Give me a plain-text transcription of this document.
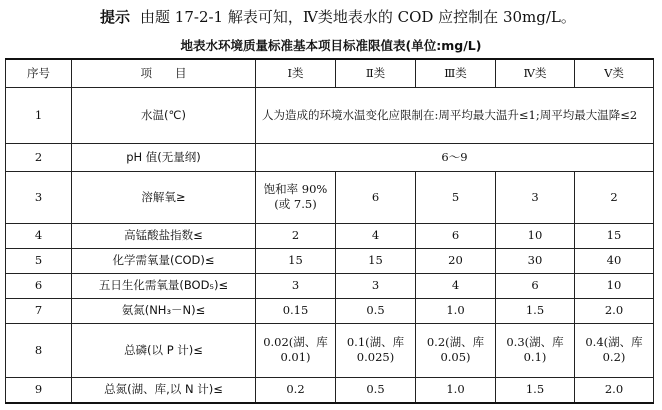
提示 由题 17-2-1 解表可知，Ⅳ类地表水的 COD 应控制在 30mg/L。
地表水环境质量标准基本项目标准限值表(单位:mg/L)
序号	项　　目	Ⅰ类	Ⅱ类	Ⅲ类	Ⅳ类	Ⅴ类
1	水温(℃)	人为造成的环境水温变化应限制在:周平均最大温升≤1;周平均最大温降≤2				
2	pH 值(无量纲)	6～9				
3	溶解氧≥	饱和率 90%(或 7.5)	6	5	3	2
4	高锰酸盐指数≤	2	4	6	10	15
5	化学需氧量(COD)≤	15	15	20	30	40
6	五日生化需氧量(BOD₅)≤	3	3	4	6	10
7	氨氮(NH₃－N)≤	0.15	0.5	1.0	1.5	2.0
8	总磷(以 P 计)≤	0.02(湖、库 0.01)	0.1(湖、库 0.025)	0.2(湖、库 0.05)	0.3(湖、库 0.1)	0.4(湖、库 0.2)
9	总氮(湖、库,以 N 计)≤	0.2	0.5	1.0	1.5	2.0
